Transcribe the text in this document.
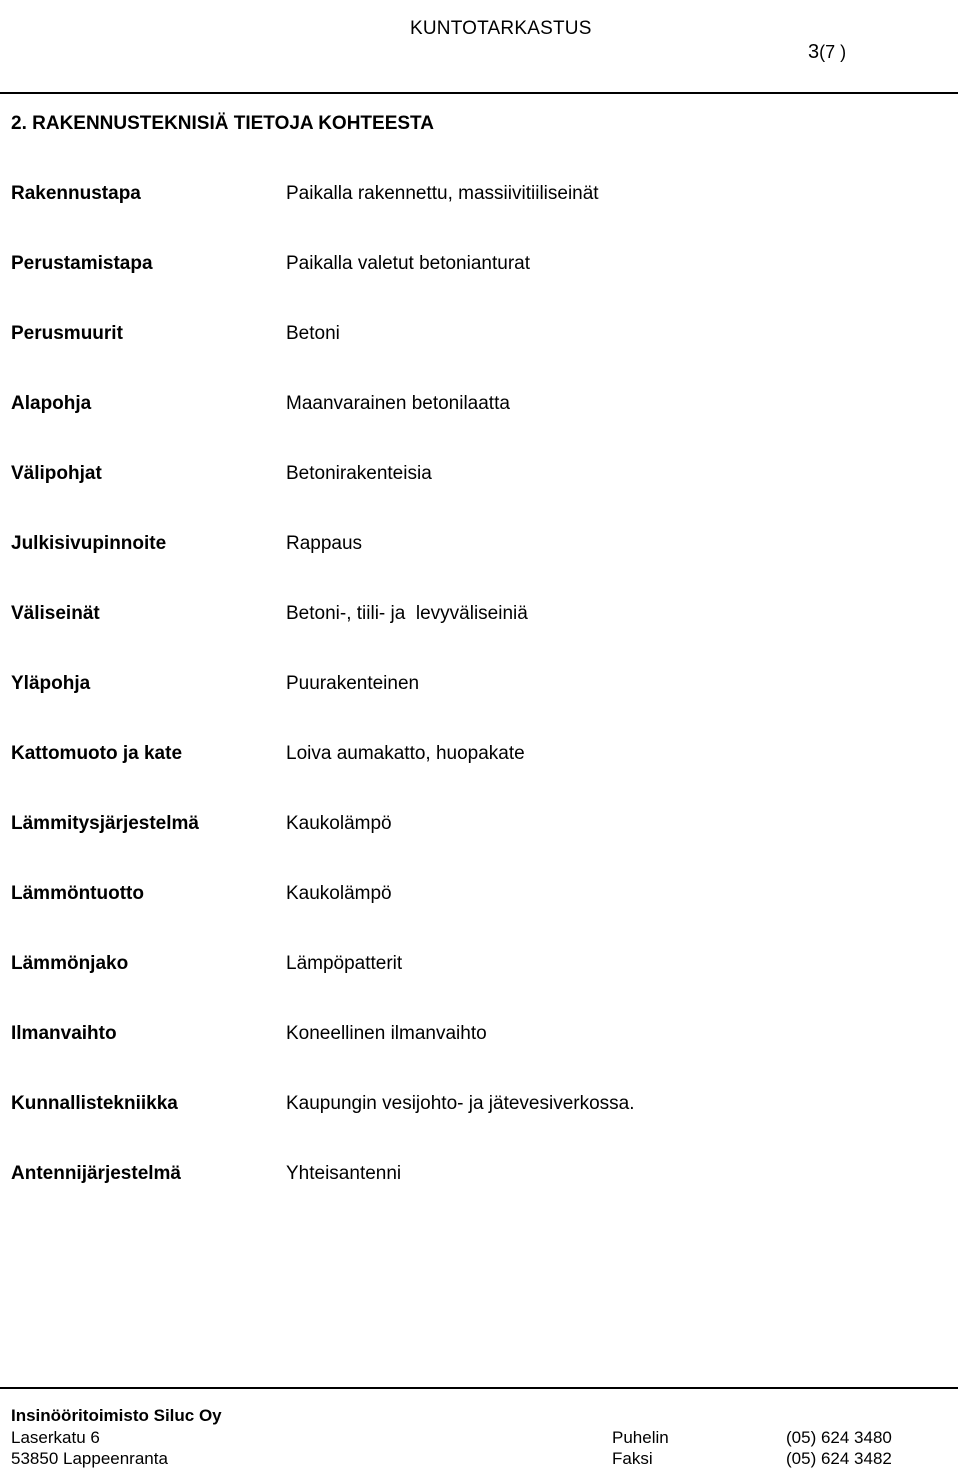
KUNTOTARKASTUS
3(7 )
2. RAKENNUSTEKNISIÄ TIETOJA KOHTEESTA
Rakennustapa	Paikalla rakennettu, massiivitiiliseinät
Perustamistapa	Paikalla valetut betonianturat
Perusmuurit	Betoni
Alapohja	Maanvarainen betonilaatta
Välipohjat	Betonirakenteisia
Julkisivupinnoite	Rappaus
Väliseinät	Betoni-, tiili- ja  levyväliseiniä
Yläpohja	Puurakenteinen
Kattomuoto ja kate	Loiva aumakatto, huopakate
Lämmitysjärjestelmä	Kaukolämpö
Lämmöntuotto	Kaukolämpö
Lämmönjako	Lämpöpatterit
Ilmanvaihto	Koneellinen ilmanvaihto
Kunnallistekniikka	Kaupungin vesijohto- ja jätevesiverkossa.
Antennijärjestelmä	Yhteisantenni
Insinööritoimisto Siluc Oy
Laserkatu 6
53850 Lappeenranta
Puhelin	(05) 624 3480
Faksi	(05) 624 3482
